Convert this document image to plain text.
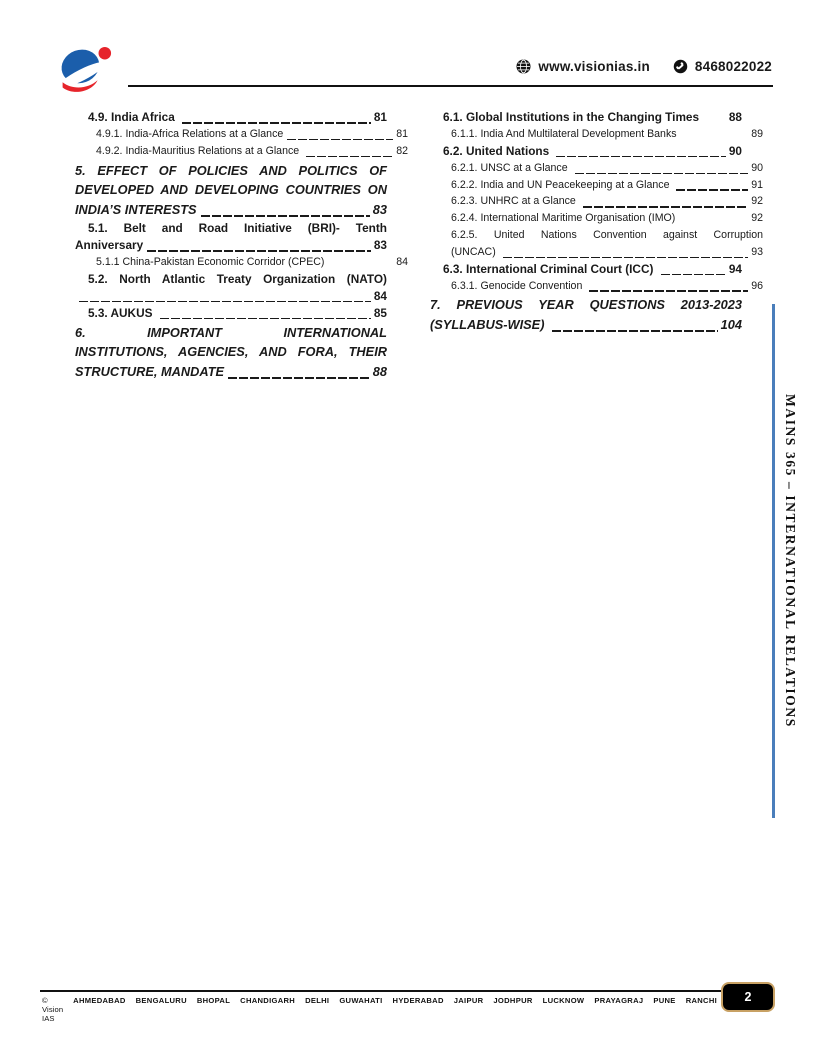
www.visionias.in	8468022022
4.9. India Africa	81
4.9.1. India-Africa Relations at a Glance	81
4.9.2. India-Mauritius Relations at a Glance	82
5. EFFECT OF POLICIES AND POLITICS OF
DEVELOPED AND DEVELOPING COUNTRIES ON
INDIA’S INTERESTS	83
5.1. Belt and Road Initiative (BRI)- Tenth
Anniversary	83
5.1.1 China-Pakistan Economic Corridor (CPEC)	84
5.2. North Atlantic Treaty Organization (NATO)
84
5.3. AUKUS	85
6. IMPORTANT INTERNATIONAL
INSTITUTIONS, AGENCIES, AND FORA, THEIR
STRUCTURE, MANDATE	88
6.1. Global Institutions in the Changing Times	88
6.1.1. India And Multilateral Development Banks	89
6.2. United Nations	90
6.2.1. UNSC at a Glance	90
6.2.2. India and UN Peacekeeping at a Glance	91
6.2.3. UNHRC at a Glance	92
6.2.4. International Maritime Organisation (IMO)	92
6.2.5. United Nations Convention against Corruption
(UNCAC)	93
6.3. International Criminal Court (ICC)	94
6.3.1. Genocide Convention	96
7. PREVIOUS YEAR QUESTIONS 2013-2023
(SYLLABUS-WISE)	104
MAINS 365 – INTERNATIONAL RELATIONS
© Vision IAS
AHMEDABAD BENGALURU BHOPAL CHANDIGARH DELHI GUWAHATI HYDERABAD JAIPUR JODHPUR LUCKNOW PRAYAGRAJ PUNE RANCHI 2
